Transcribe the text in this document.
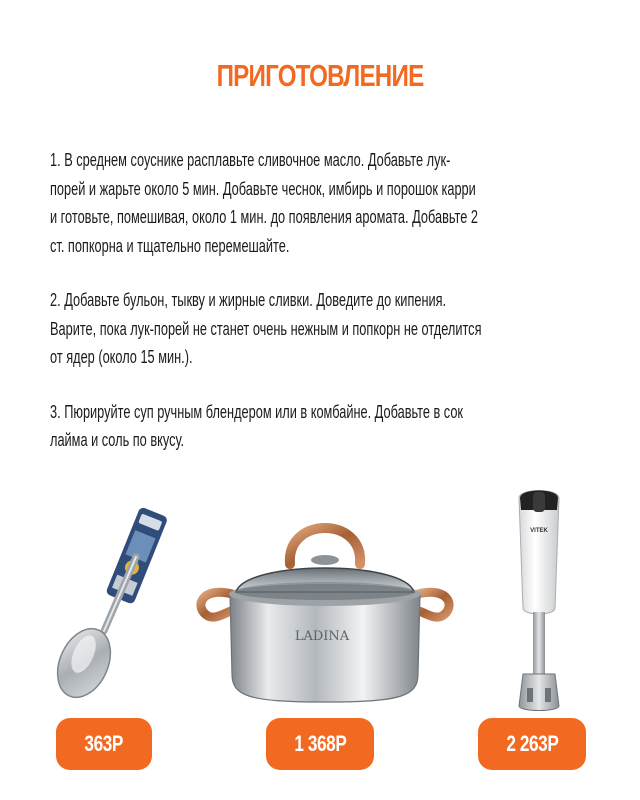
ПРИГОТОВЛЕНИЕ

1. В среднем соуснике расплавьте сливочное масло. Добавьте лук-
порей и жарьте около 5 мин. Добавьте чеснок, имбирь и порошок карри
и готовьте, помешивая, около 1 мин. до появления аромата. Добавьте 2
ст. попкорна и тщательно перемешайте.

2. Добавьте бульон, тыкву и жирные сливки. Доведите до кипения.
Варите, пока лук-порей не станет очень нежным и попкорн не отделится
от ядер (около 15 мин.).

3. Пюрируйте суп ручным блендером или в комбайне. Добавьте в сок
лайма и соль по вкусу.

LADINA
VITEK
363Р	1 368Р	2 263Р
